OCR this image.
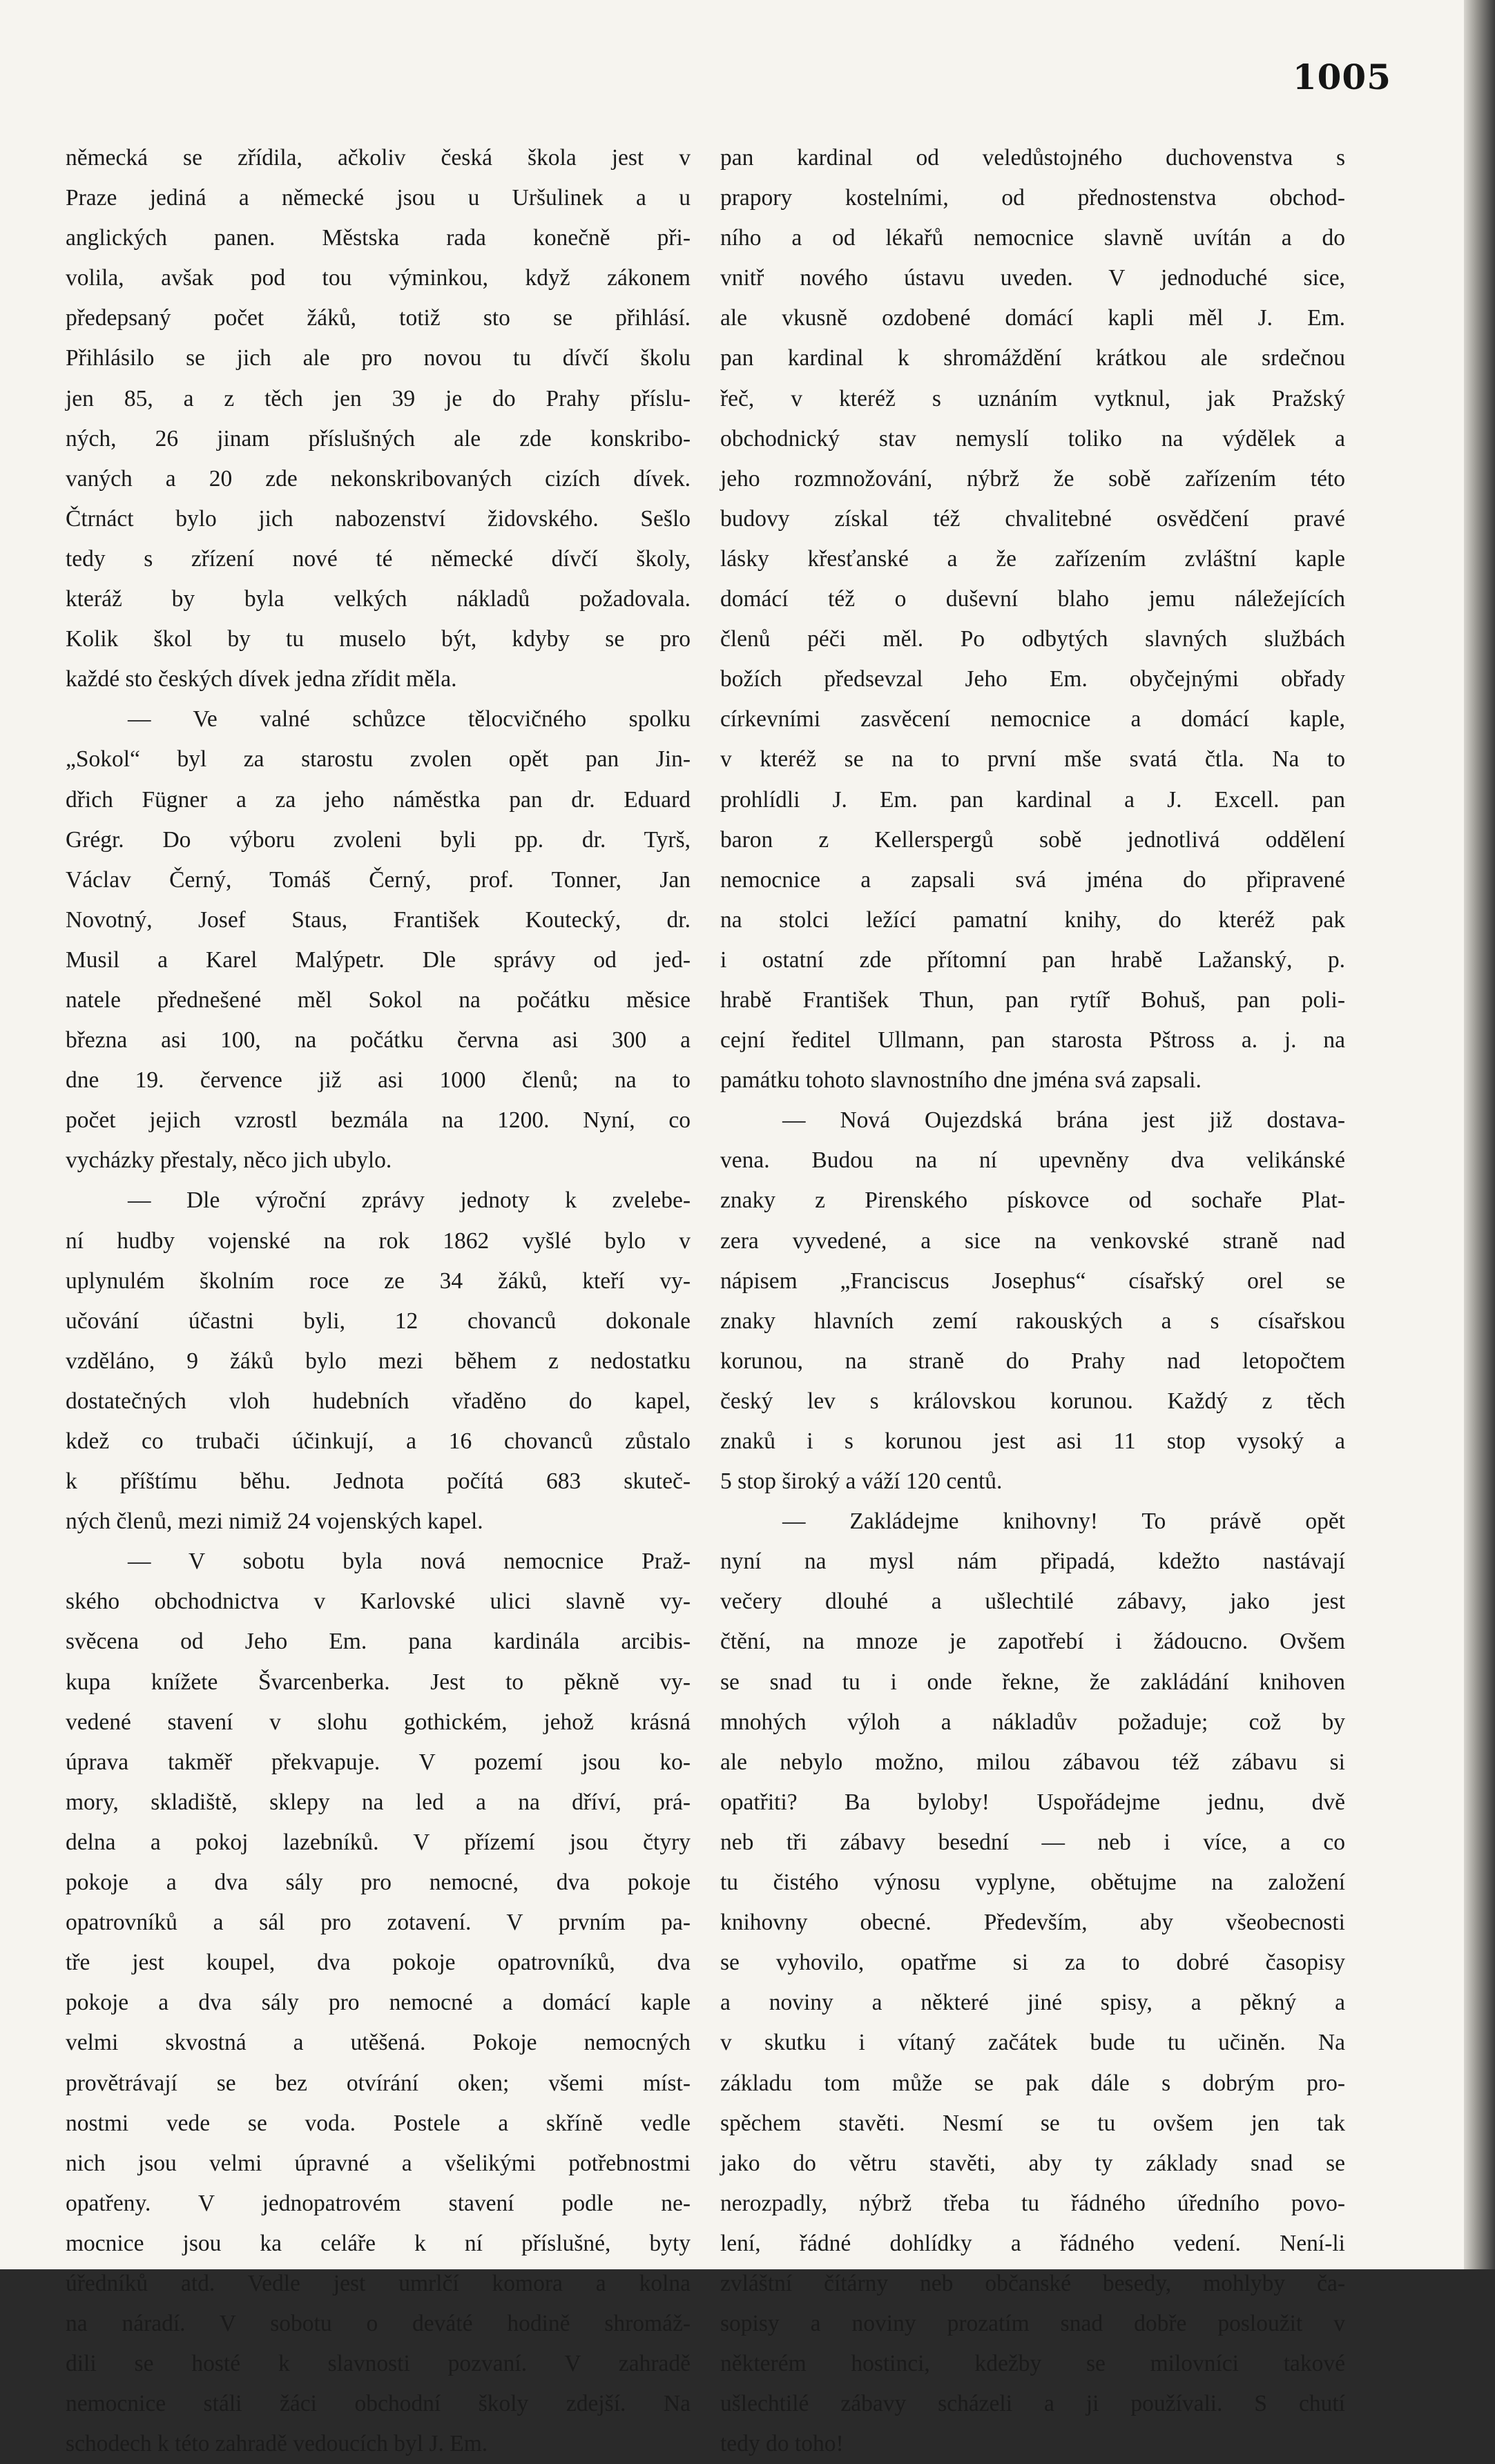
1005
německá se zřídila, ačkoliv česká škola jest v
Praze jediná a německé jsou u Uršulinek a u
anglických panen. Městska rada konečně při-
volila, avšak pod tou výminkou, když zákonem
předepsaný počet žáků, totiž sto se přihlásí.
Přihlásilo se jich ale pro novou tu dívčí školu
jen 85, a z těch jen 39 je do Prahy příslu-
ných, 26 jinam příslušných ale zde konskribo-
vaných a 20 zde nekonskribovaných cizích dívek.
Čtrnáct bylo jich nabozenství židovského. Sešlo
tedy s zřízení nové té německé dívčí školy,
kteráž by byla velkých nákladů požadovala.
Kolik škol by tu muselo být, kdyby se pro
každé sto českých dívek jedna zřídit měla.
— Ve valné schůzce tělocvičného spolku
„Sokol“ byl za starostu zvolen opět pan Jin-
dřich Fügner a za jeho náměstka pan dr. Eduard
Grégr. Do výboru zvoleni byli pp. dr. Tyrš,
Václav Černý, Tomáš Černý, prof. Tonner, Jan
Novotný, Josef Staus, František Koutecký, dr.
Musil a Karel Malýpetr. Dle správy od jed-
natele přednešené měl Sokol na počátku měsice
března asi 100, na počátku června asi 300 a
dne 19. července již asi 1000 členů; na to
počet jejich vzrostl bezmála na 1200. Nyní, co
vycházky přestaly, něco jich ubylo.
— Dle výroční zprávy jednoty k zvelebe-
ní hudby vojenské na rok 1862 vyšlé bylo v
uplynulém školním roce ze 34 žáků, kteří vy-
učování účastni byli, 12 chovanců dokonale
vzděláno, 9 žáků bylo mezi během z nedostatku
dostatečných vloh hudebních vřaděno do kapel,
kdež co trubači účinkují, a 16 chovanců zůstalo
k příštímu běhu. Jednota počítá 683 skuteč-
ných členů, mezi nimiž 24 vojenských kapel.
— V sobotu byla nová nemocnice Praž-
ského obchodnictva v Karlovské ulici slavně vy-
svěcena od Jeho Em. pana kardinála arcibis-
kupa knížete Švarcenberka. Jest to pěkně vy-
vedené stavení v slohu gothickém, jehož krásná
úprava takměř překvapuje. V pozemí jsou ko-
mory, skladiště, sklepy na led a na dříví, prá-
delna a pokoj lazebníků. V přízemí jsou čtyry
pokoje a dva sály pro nemocné, dva pokoje
opatrovníků a sál pro zotavení. V prvním pa-
tře jest koupel, dva pokoje opatrovníků, dva
pokoje a dva sály pro nemocné a domácí kaple
velmi skvostná a utěšená. Pokoje nemocných
provětrávají se bez otvírání oken; všemi míst-
nostmi vede se voda. Postele a skříně vedle
nich jsou velmi úpravné a všelikými potřebnostmi
opatřeny. V jednopatrovém stavení podle ne-
mocnice jsou ka celáře k ní příslušné, byty
úředníků atd. Vedle jest umrlčí komora a kolna
na náradí. V sobotu o deváté hodině shromáž-
dili se hosté k slavnosti pozvaní. V zahradě
nemocnice stáli žáci obchodní školy zdejší. Na
schodech k této zahradě vedoucích byl J. Em.
pan kardinal od veledůstojného duchovenstva s
prapory kostelními, od přednostenstva obchod-
ního a od lékařů nemocnice slavně uvítán a do
vnitř nového ústavu uveden. V jednoduché sice,
ale vkusně ozdobené domácí kapli měl J. Em.
pan kardinal k shromáždění krátkou ale srdečnou
řeč, v kteréž s uznáním vytknul, jak Pražský
obchodnický stav nemyslí toliko na výdělek a
jeho rozmnožování, nýbrž že sobě zařízením této
budovy získal též chvalitebné osvědčení pravé
lásky křesťanské a že zařízením zvláštní kaple
domácí též o duševní blaho jemu náležejících
členů péči měl. Po odbytých slavných službách
božích předsevzal Jeho Em. obyčejnými obřady
církevními zasvěcení nemocnice a domácí kaple,
v kteréž se na to první mše svatá čtla. Na to
prohlídli J. Em. pan kardinal a J. Excell. pan
baron z Kellerspergů sobě jednotlivá oddělení
nemocnice a zapsali svá jména do připravené
na stolci ležící pamatní knihy, do kteréž pak
i ostatní zde přítomní pan hrabě Lažanský, p.
hrabě František Thun, pan rytíř Bohuš, pan poli-
cejní ředitel Ullmann, pan starosta Pštross a. j. na
památku tohoto slavnostního dne jména svá zapsali.
— Nová Oujezdská brána jest již dostava-
vena. Budou na ní upevněny dva velikánské
znaky z Pirenského pískovce od sochaře Plat-
zera vyvedené, a sice na venkovské straně nad
nápisem „Franciscus Josephus“ císařský orel se
znaky hlavních zemí rakouských a s císařskou
korunou, na straně do Prahy nad letopočtem
český lev s královskou korunou. Každý z těch
znaků i s korunou jest asi 11 stop vysoký a
5 stop široký a váží 120 centů.
— Zakládejme knihovny! To právě opět
nyní na mysl nám připadá, kdežto nastávají
večery dlouhé a ušlechtilé zábavy, jako jest
čtění, na mnoze je zapotřebí i žádoucno. Ovšem
se snad tu i onde řekne, že zakládání knihoven
mnohých výloh a nákladův požaduje; což by
ale nebylo možno, milou zábavou též zábavu si
opatřiti? Ba byloby! Uspořádejme jednu, dvě
neb tři zábavy besední — neb i více, a co
tu čistého výnosu vyplyne, obětujme na založení
knihovny obecné. Především, aby všeobecnosti
se vyhovilo, opatřme si za to dobré časopisy
a noviny a některé jiné spisy, a pěkný a
v skutku i vítaný začátek bude tu učiněn. Na
základu tom může se pak dále s dobrým pro-
spěchem stavěti. Nesmí se tu ovšem jen tak
jako do větru stavěti, aby ty základy snad se
nerozpadly, nýbrž třeba tu řádného úředního povo-
lení, řádné dohlídky a řádného vedení. Není-li
zvláštní čítárny neb občanské besedy, mohlyby ča-
sopisy a noviny prozatím snad dobře posloužit v
některém hostinci, kdežby se milovníci takové
ušlechtilé zábavy scházeli a ji používali. S chutí
tedy do toho!
